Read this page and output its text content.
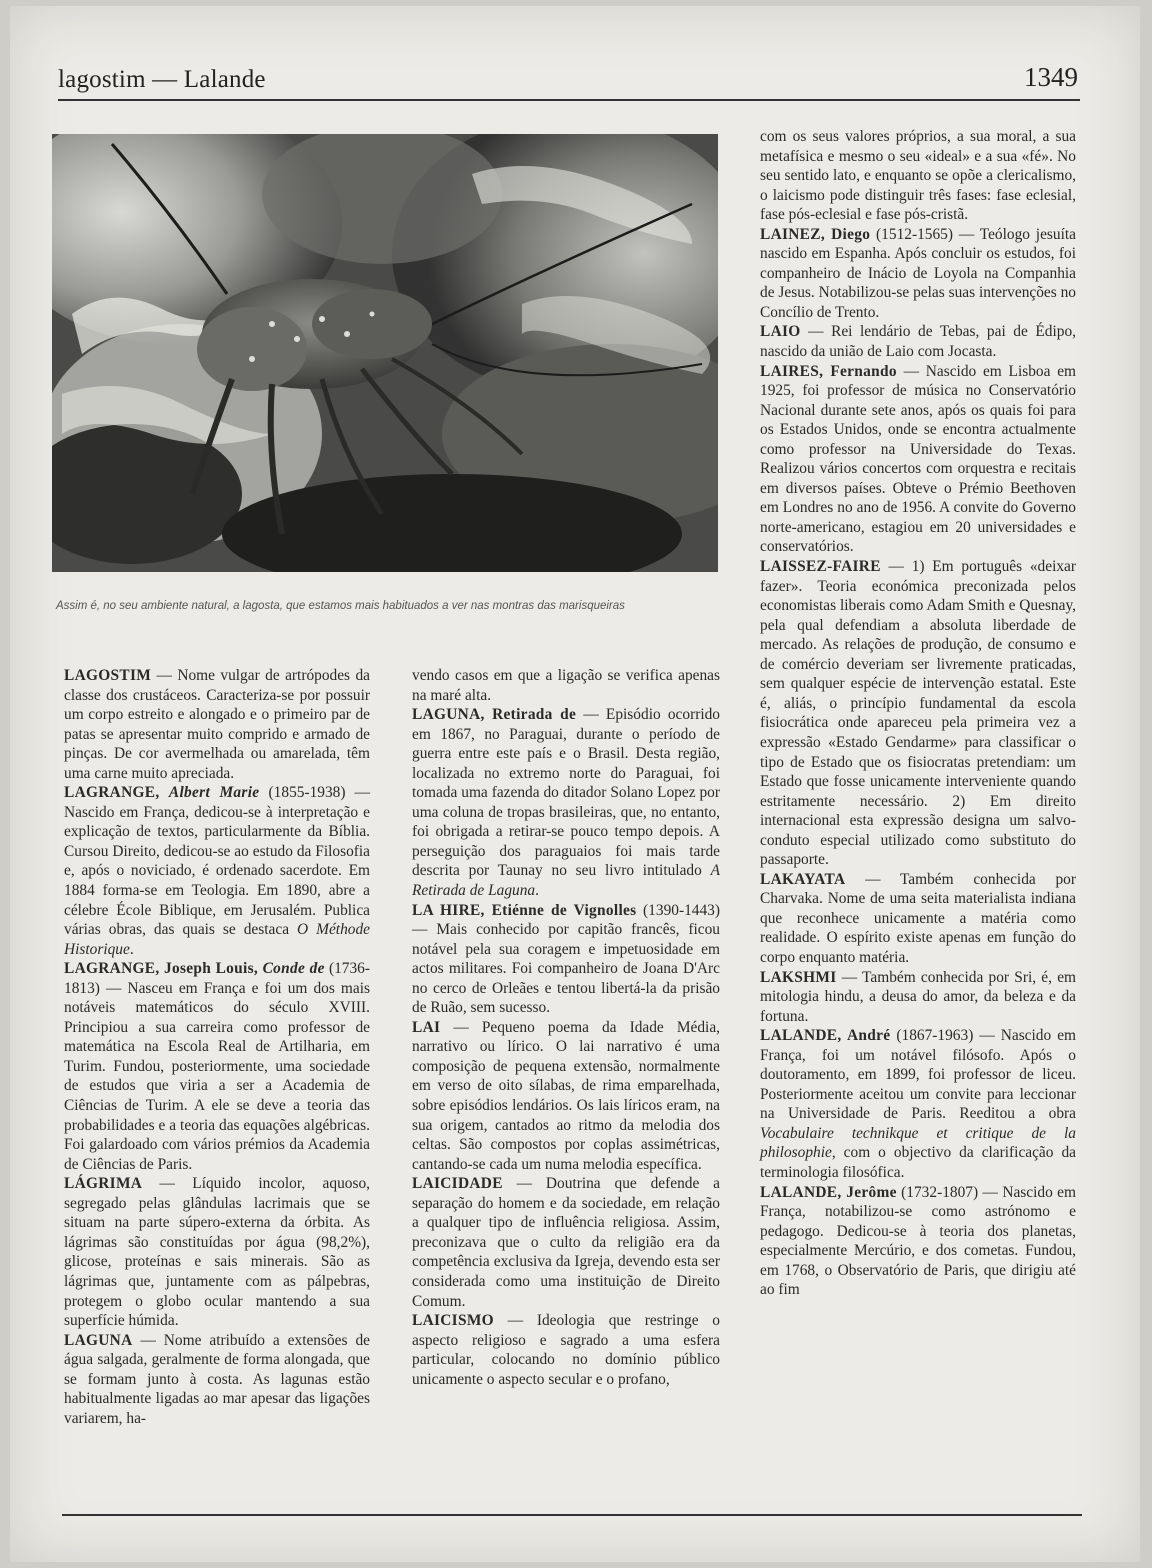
lagostim — Lalande	1349
Assim é, no seu ambiente natural, a lagosta, que estamos mais habituados a ver nas montras das marisqueiras

LAGOSTIM — Nome vulgar de artrópodes da classe dos crustáceos. Caracteriza-se por possuir um corpo estreito e alongado e o primeiro par de patas se apresentar muito comprido e armado de pinças. De cor avermelhada ou amarelada, têm uma carne muito apreciada.

LAGRANGE, Albert Marie (1855-1938) — Nascido em França, dedicou-se à interpretação e explicação de textos, particularmente da Bíblia. Cursou Direito, dedicou-se ao estudo da Filosofia e, após o noviciado, é ordenado sacerdote. Em 1884 forma-se em Teologia. Em 1890, abre a célebre École Biblique, em Jerusalém. Publica várias obras, das quais se destaca O Méthode Historique.

LAGRANGE, Joseph Louis, Conde de (1736-1813) — Nasceu em França e foi um dos mais notáveis matemáticos do século XVIII. Principiou a sua carreira como professor de matemática na Escola Real de Artilharia, em Turim. Fundou, posteriormente, uma sociedade de estudos que viria a ser a Academia de Ciências de Turim. A ele se deve a teoria das probabilidades e a teoria das equações algébricas. Foi galardoado com vários prémios da Academia de Ciências de Paris.

LÁGRIMA — Líquido incolor, aquoso, segregado pelas glândulas lacrimais que se situam na parte súpero-externa da órbita. As lágrimas são constituídas por água (98,2%), glicose, proteínas e sais minerais. São as lágrimas que, juntamente com as pálpebras, protegem o globo ocular mantendo a sua superfície húmida.

LAGUNA — Nome atribuído a extensões de água salgada, geralmente de forma alongada, que se formam junto à costa. As lagunas estão habitualmente ligadas ao mar apesar das ligações variarem, ha-

vendo casos em que a ligação se verifica apenas na maré alta.

LAGUNA, Retirada de — Episódio ocorrido em 1867, no Paraguai, durante o período de guerra entre este país e o Brasil. Desta região, localizada no extremo norte do Paraguai, foi tomada uma fazenda do ditador Solano Lopez por uma coluna de tropas brasileiras, que, no entanto, foi obrigada a retirar-se pouco tempo depois. A perseguição dos paraguaios foi mais tarde descrita por Taunay no seu livro intitulado A Retirada de Laguna.

LA HIRE, Etiénne de Vignolles (1390-1443) — Mais conhecido por capitão francês, ficou notável pela sua coragem e impetuosidade em actos militares. Foi companheiro de Joana D'Arc no cerco de Orleães e tentou libertá-la da prisão de Ruão, sem sucesso.

LAI — Pequeno poema da Idade Média, narrativo ou lírico. O lai narrativo é uma composição de pequena extensão, normalmente em verso de oito sílabas, de rima emparelhada, sobre episódios lendários. Os lais líricos eram, na sua origem, cantados ao ritmo da melodia dos celtas. São compostos por coplas assimétricas, cantando-se cada um numa melodia específica.

LAICIDADE — Doutrina que defende a separação do homem e da sociedade, em relação a qualquer tipo de influência religiosa. Assim, preconizava que o culto da religião era da competência exclusiva da Igreja, devendo esta ser considerada como uma instituição de Direito Comum.

LAICISMO — Ideologia que restringe o aspecto religioso e sagrado a uma esfera particular, colocando no domínio público unicamente o aspecto secular e o profano,

com os seus valores próprios, a sua moral, a sua metafísica e mesmo o seu «ideal» e a sua «fé». No seu sentido lato, e enquanto se opõe a clericalismo, o laicismo pode distinguir três fases: fase eclesial, fase pós-eclesial e fase pós-cristã.

LAINEZ, Diego (1512-1565) — Teólogo jesuíta nascido em Espanha. Após concluir os estudos, foi companheiro de Inácio de Loyola na Companhia de Jesus. Notabilizou-se pelas suas intervenções no Concílio de Trento.

LAIO — Rei lendário de Tebas, pai de Édipo, nascido da união de Laio com Jocasta.

LAIRES, Fernando — Nascido em Lisboa em 1925, foi professor de música no Conservatório Nacional durante sete anos, após os quais foi para os Estados Unidos, onde se encontra actualmente como professor na Universidade do Texas. Realizou vários concertos com orquestra e recitais em diversos países. Obteve o Prémio Beethoven em Londres no ano de 1956. A convite do Governo norte-americano, estagiou em 20 universidades e conservatórios.

LAISSEZ-FAIRE — 1) Em português «deixar fazer». Teoria económica preconizada pelos economistas liberais como Adam Smith e Quesnay, pela qual defendiam a absoluta liberdade de mercado. As relações de produção, de consumo e de comércio deveriam ser livremente praticadas, sem qualquer espécie de intervenção estatal. Este é, aliás, o princípio fundamental da escola fisiocrática onde apareceu pela primeira vez a expressão «Estado Gendarme» para classificar o tipo de Estado que os fisiocratas pretendiam: um Estado que fosse unicamente interveniente quando estritamente necessário. 2) Em direito internacional esta expressão designa um salvo-conduto especial utilizado como substituto do passaporte.

LAKAYATA — Também conhecida por Charvaka. Nome de uma seita materialista indiana que reconhece unicamente a matéria como realidade. O espírito existe apenas em função do corpo enquanto matéria.

LAKSHMI — Também conhecida por Sri, é, em mitologia hindu, a deusa do amor, da beleza e da fortuna.

LALANDE, André (1867-1963) — Nascido em França, foi um notável filósofo. Após o doutoramento, em 1899, foi professor de liceu. Posteriormente aceitou um convite para leccionar na Universidade de Paris. Reeditou a obra Vocabulaire technikque et critique de la philosophie, com o objectivo da clarificação da terminologia filosófica.

LALANDE, Jerôme (1732-1807) — Nascido em França, notabilizou-se como astrónomo e pedagogo. Dedicou-se à teoria dos planetas, especialmente Mercúrio, e dos cometas. Fundou, em 1768, o Observatório de Paris, que dirigiu até ao fim
